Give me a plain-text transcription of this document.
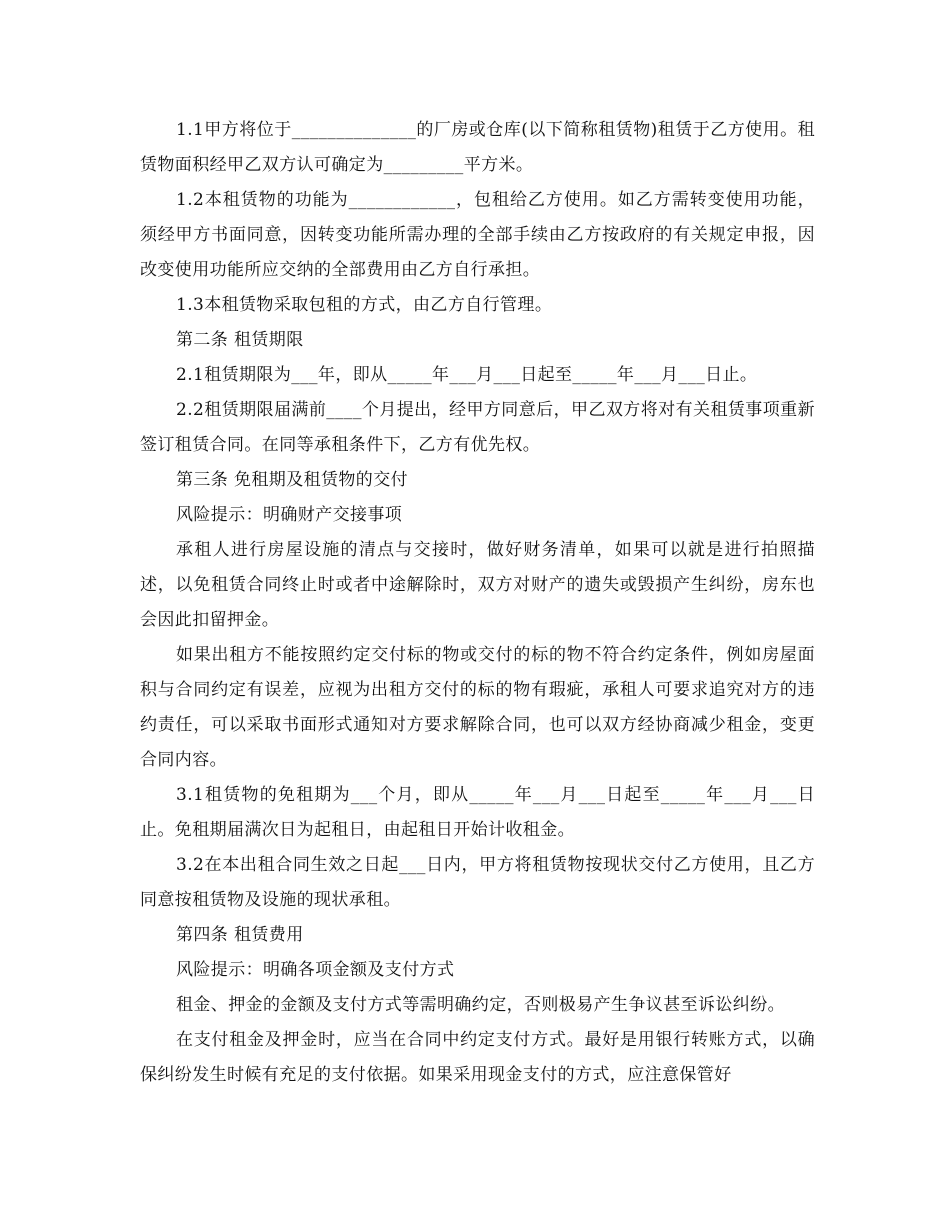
1.1甲方将位于______________的厂房或仓库(以下简称租赁物)租赁于乙方使用。租赁物面积经甲乙双方认可确定为_________平方米。

1.2本租赁物的功能为____________，包租给乙方使用。如乙方需转变使用功能，须经甲方书面同意，因转变功能所需办理的全部手续由乙方按政府的有关规定申报，因改变使用功能所应交纳的全部费用由乙方自行承担。

1.3本租赁物采取包租的方式，由乙方自行管理。

第二条 租赁期限

2.1租赁期限为___年，即从_____年___月___日起至_____年___月___日止。

2.2租赁期限届满前____个月提出，经甲方同意后，甲乙双方将对有关租赁事项重新签订租赁合同。在同等承租条件下，乙方有优先权。

第三条 免租期及租赁物的交付

风险提示：明确财产交接事项

承租人进行房屋设施的清点与交接时，做好财务清单，如果可以就是进行拍照描述，以免租赁合同终止时或者中途解除时，双方对财产的遗失或毁损产生纠纷，房东也会因此扣留押金。

如果出租方不能按照约定交付标的物或交付的标的物不符合约定条件，例如房屋面积与合同约定有误差，应视为出租方交付的标的物有瑕疵，承租人可要求追究对方的违约责任，可以采取书面形式通知对方要求解除合同，也可以双方经协商减少租金，变更合同内容。

3.1租赁物的免租期为___个月，即从_____年___月___日起至_____年___月___日止。免租期届满次日为起租日，由起租日开始计收租金。

3.2在本出租合同生效之日起___日内，甲方将租赁物按现状交付乙方使用，且乙方同意按租赁物及设施的现状承租。

第四条 租赁费用

风险提示：明确各项金额及支付方式

租金、押金的金额及支付方式等需明确约定，否则极易产生争议甚至诉讼纠纷。

在支付租金及押金时，应当在合同中约定支付方式。最好是用银行转账方式，以确保纠纷发生时候有充足的支付依据。如果采用现金支付的方式，应注意保管好
